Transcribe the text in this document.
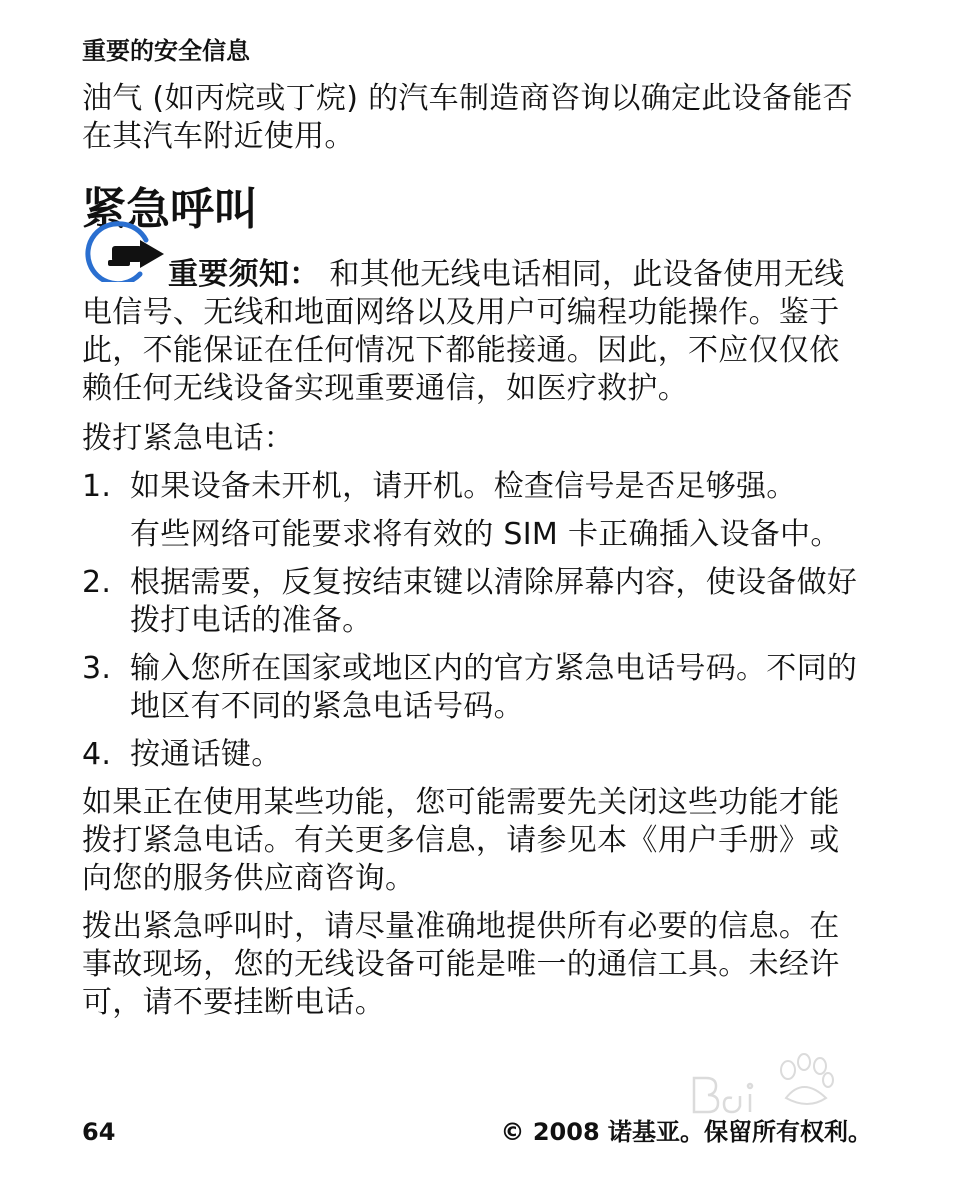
重要的安全信息

油气 (如丙烷或丁烷) 的汽车制造商咨询以确定此设备能否
在其汽车附近使用。

紧急呼叫
重要须知： 和其他无线电话相同，此设备使用无线
电信号、无线和地面网络以及用户可编程功能操作。鉴于
此，不能保证在任何情况下都能接通。因此，不应仅仅依
赖任何无线设备实现重要通信，如医疗救护。

拨打紧急电话：

1. 如果设备未开机，请开机。检查信号是否足够强。
有些网络可能要求将有效的 SIM 卡正确插入设备中。
2. 根据需要，反复按结束键以清除屏幕内容，使设备做好
拨打电话的准备。
3. 输入您所在国家或地区内的官方紧急电话号码。不同的
地区有不同的紧急电话号码。
4. 按通话键。

如果正在使用某些功能，您可能需要先关闭这些功能才能
拨打紧急电话。有关更多信息，请参见本《用户手册》或
向您的服务供应商咨询。

拨出紧急呼叫时，请尽量准确地提供所有必要的信息。在
事故现场，您的无线设备可能是唯一的通信工具。未经许
可，请不要挂断电话。

64	© 2008 诺基亚。保留所有权利。
